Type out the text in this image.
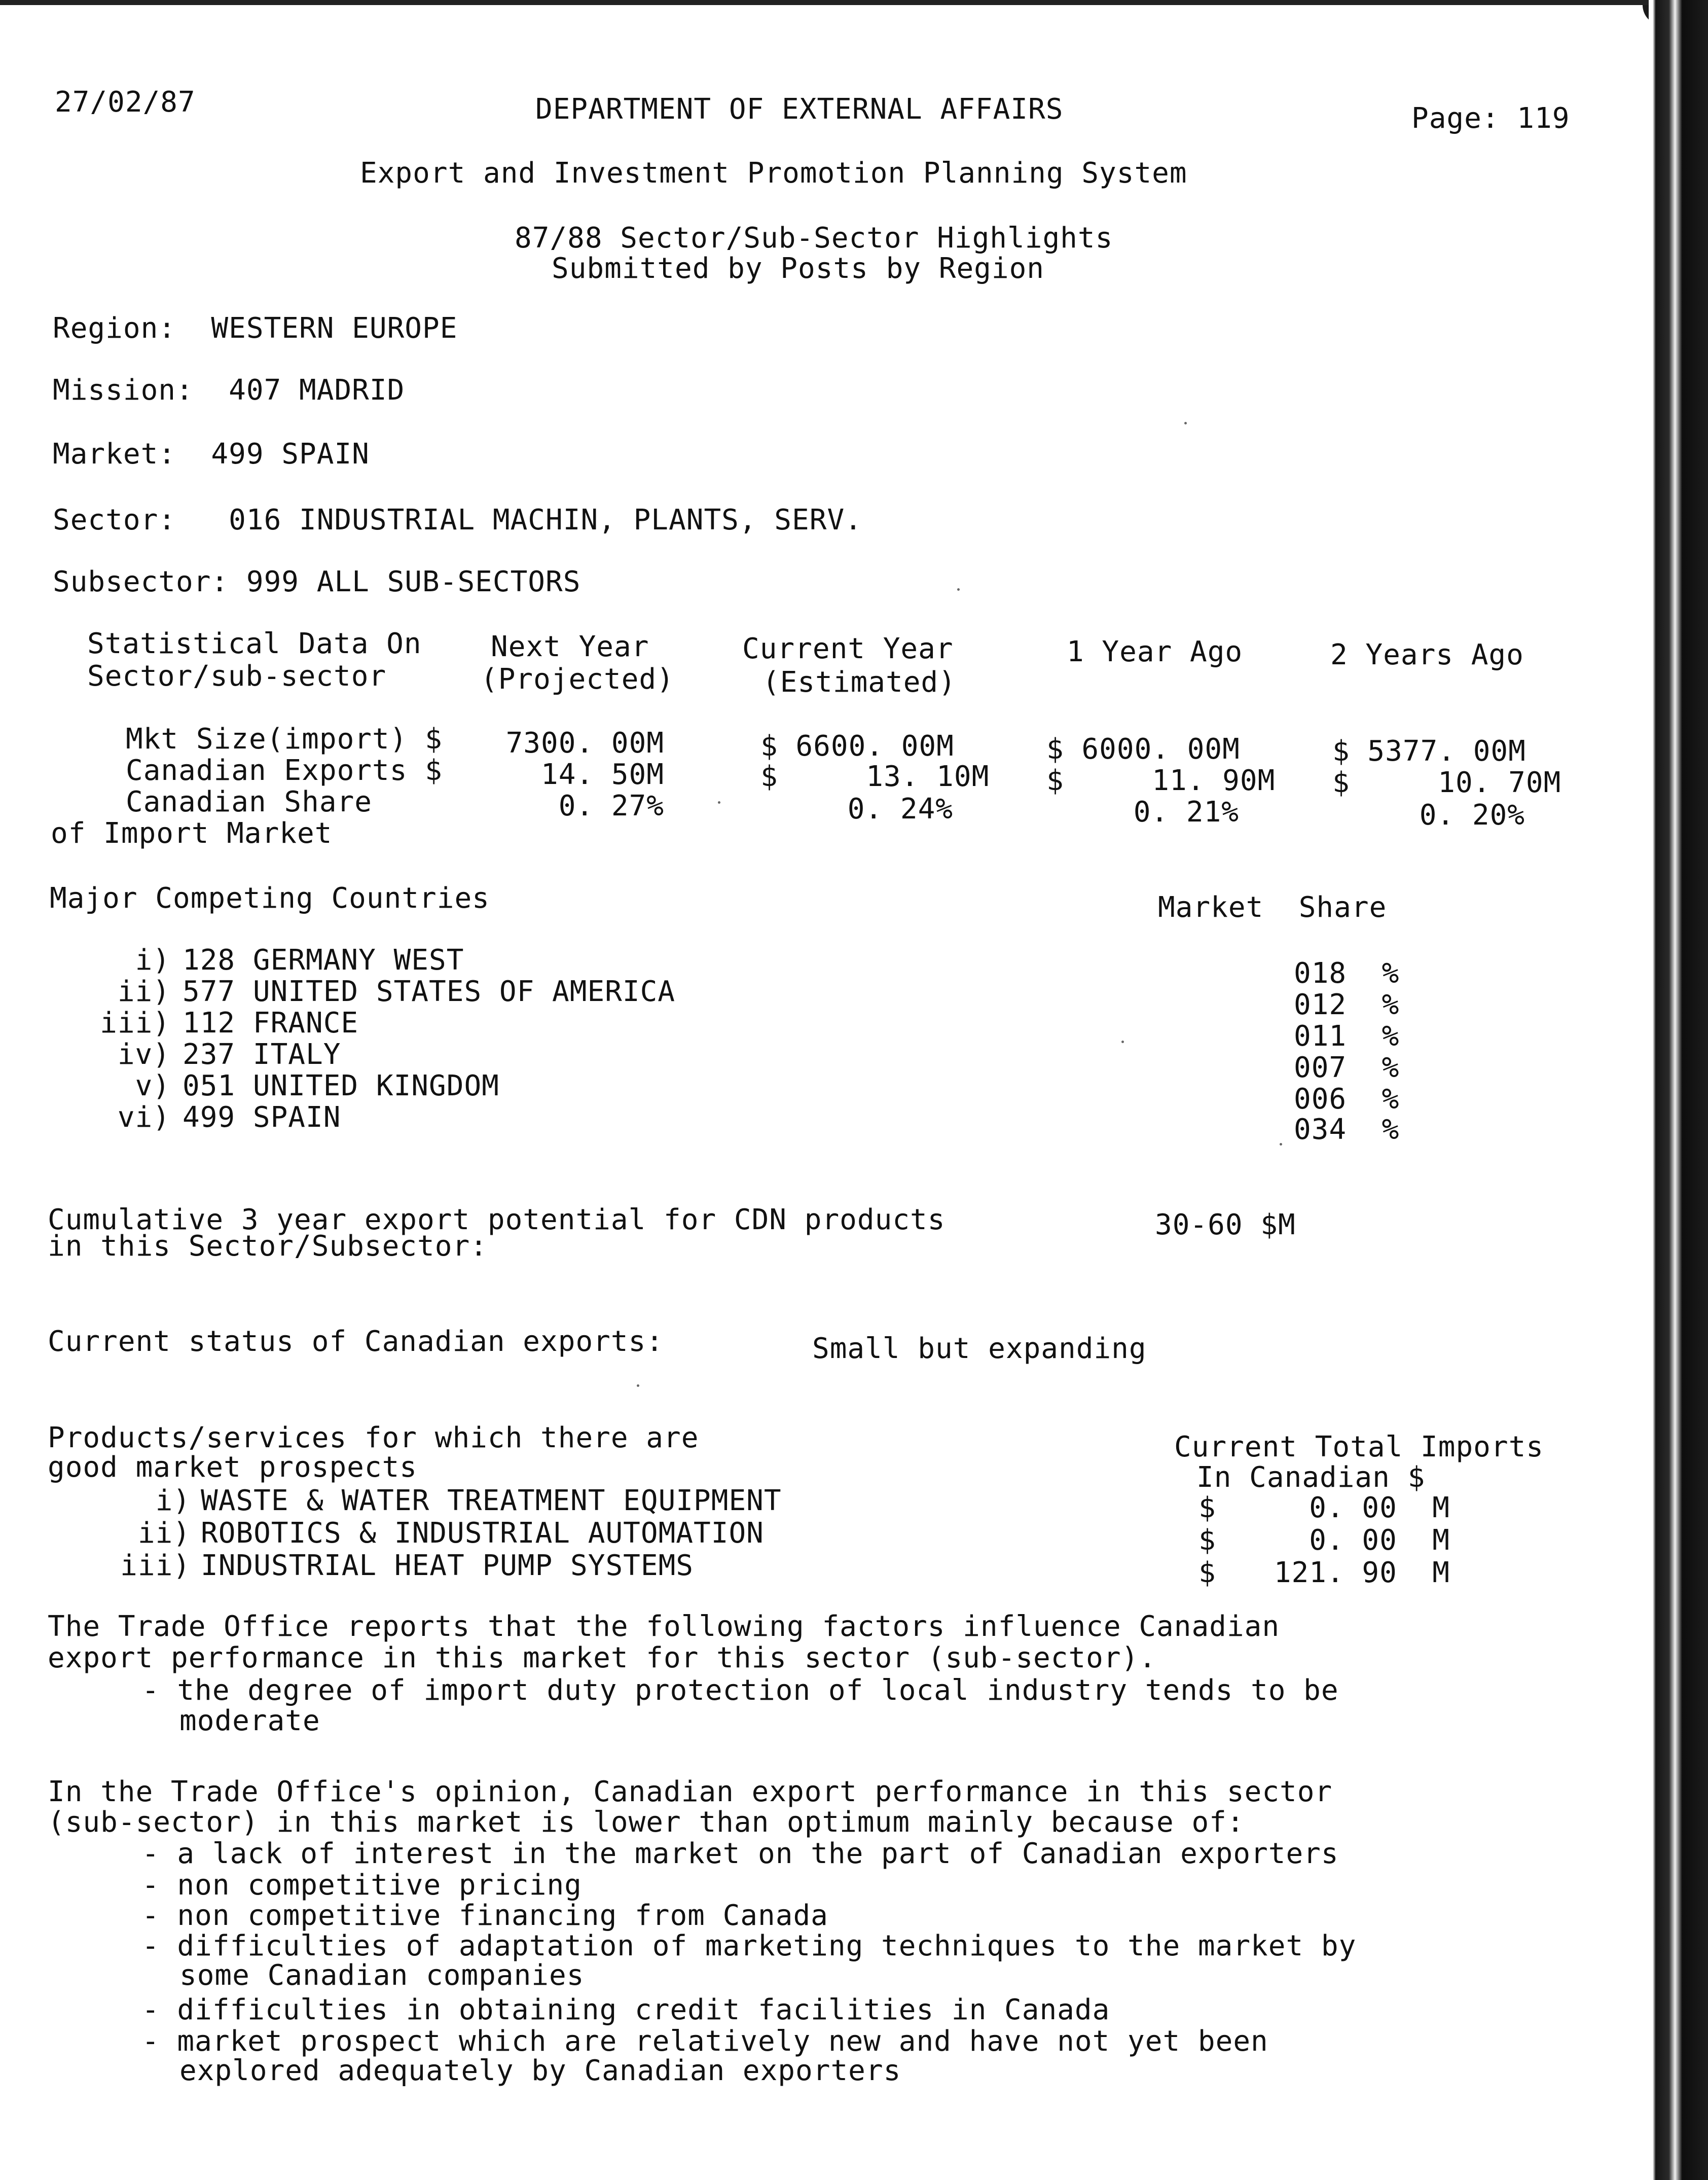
27/02/87	DEPARTMENT OF EXTERNAL AFFAIRS	Page: 119
Export and Investment Promotion Planning System
87/88 Sector/Sub-Sector Highlights
Submitted by Posts by Region
Region:  WESTERN EUROPE
Mission:  407 MADRID
Market:  499 SPAIN
Sector:   016 INDUSTRIAL MACHIN, PLANTS, SERV.
Subsector: 999 ALL SUB-SECTORS
Statistical Data On
Sector/sub-sector
Next Year
(Projected)
Current Year
(Estimated)
1 Year Ago	2 Years Ago
Mkt Size(import) $	7300. 00M	$ 6600. 00M	$ 6000. 00M	$ 5377. 00M
Canadian Exports $	14. 50M	$     13. 10M $     11. 90M $     10. 70M
Canadian Share	0. 27%	0. 24%	0. 21%	0. 20%
of Import Market
Major Competing Countries	Market  Share
i) 128 GERMANY WEST	018  %
ii) 577 UNITED STATES OF AMERICA	012  %
iii) 112 FRANCE	011  %
iv) 237 ITALY	007  %
v) 051 UNITED KINGDOM	006  %
vi) 499 SPAIN	034  %
Cumulative 3 year export potential for CDN products
in this Sector/Subsector:
30-60 $M
Current status of Canadian exports:	Small but expanding
Products/services for which there are
good market prospects
Current Total Imports
In Canadian $
i) WASTE & WATER TREATMENT EQUIPMENT	$	0. 00  M
ii) ROBOTICS & INDUSTRIAL AUTOMATION	$	0. 00  M
iii) INDUSTRIAL HEAT PUMP SYSTEMS	$	121. 90  M
The Trade Office reports that the following factors influence Canadian
export performance in this market for this sector (sub-sector).
- the degree of import duty protection of local industry tends to be
moderate
In the Trade Office's opinion, Canadian export performance in this sector
(sub-sector) in this market is lower than optimum mainly because of:
- a lack of interest in the market on the part of Canadian exporters
- non competitive pricing
- non competitive financing from Canada
- difficulties of adaptation of marketing techniques to the market by
some Canadian companies
- difficulties in obtaining credit facilities in Canada
- market prospect which are relatively new and have not yet been
explored adequately by Canadian exporters
